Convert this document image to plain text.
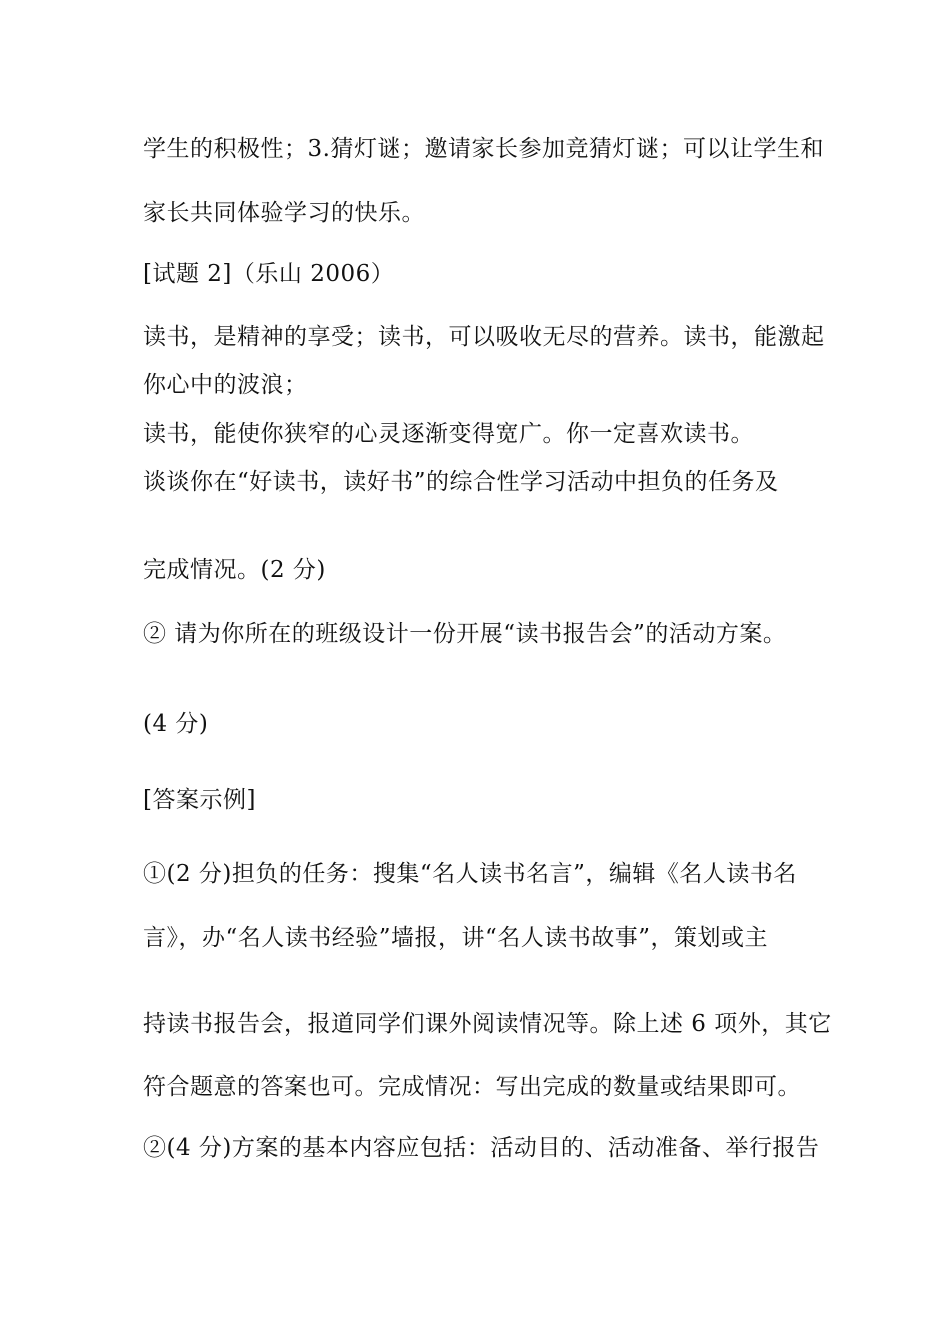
学生的积极性；3.猜灯谜；邀请家长参加竞猜灯谜；可以让学生和
家长共同体验学习的快乐。
[试题 2]（乐山 2006）
读书，是精神的享受；读书，可以吸收无尽的营养。读书，能激起
你心中的波浪；
读书，能使你狭窄的心灵逐渐变得宽广。你一定喜欢读书。
谈谈你在“好读书，读好书”的综合性学习活动中担负的任务及
完成情况。(2 分)
② 请为你所在的班级设计一份开展“读书报告会”的活动方案。
(4 分)
[答案示例]
①(2 分)担负的任务：搜集“名人读书名言”，编辑《名人读书名
言》，办“名人读书经验”墙报，讲“名人读书故事”，策划或主
持读书报告会，报道同学们课外阅读情况等。除上述 6 项外，其它
符合题意的答案也可。完成情况：写出完成的数量或结果即可。
②(4 分)方案的基本内容应包括：活动目的、活动准备、举行报告
